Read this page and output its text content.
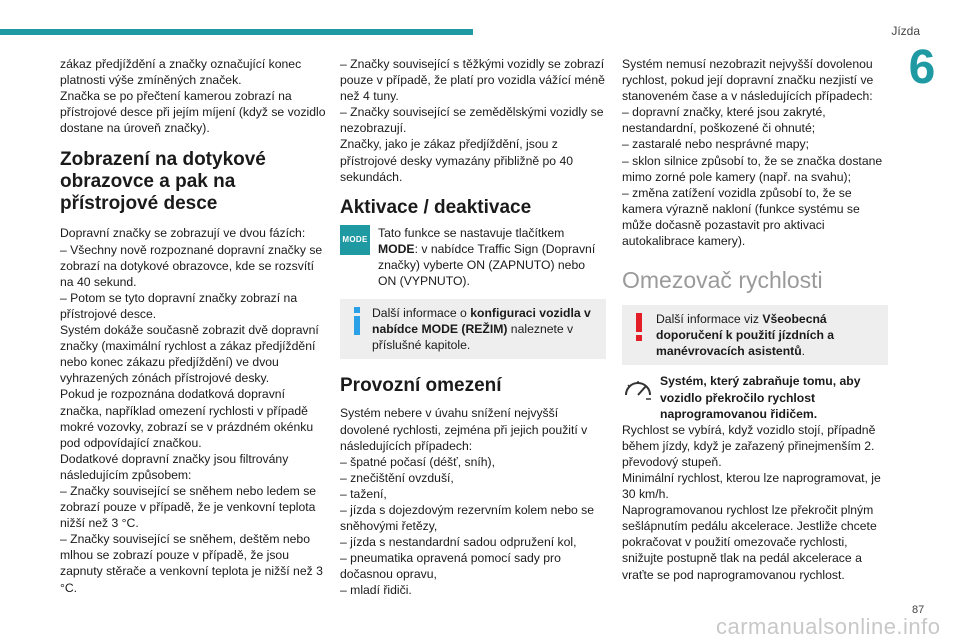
Jízda
6

zákaz předjíždění a značky označující konec platnosti výše zmíněných značek.

Značka se po přečtení kamerou zobrazí na přístrojové desce při jejím míjení (když se vozidlo dostane na úroveň značky).

Zobrazení na dotykové obrazovce a pak na přístrojové desce

Dopravní značky se zobrazují ve dvou fázích:

– Všechny nově rozpoznané dopravní značky se zobrazí na dotykové obrazovce, kde se rozsvítí na 40 sekund.

– Potom se tyto dopravní značky zobrazí na přístrojové desce.

Systém dokáže současně zobrazit dvě dopravní značky (maximální rychlost a zákaz předjíždění nebo konec zákazu předjíždění) ve dvou vyhrazených zónách přístrojové desky.

Pokud je rozpoznána dodatková dopravní značka, například omezení rychlosti v případě mokré vozovky, zobrazí se v prázdném okénku pod odpovídající značkou.

Dodatkové dopravní značky jsou filtrovány následujícím způsobem:

– Značky související se sněhem nebo ledem se zobrazí pouze v případě, že je venkovní teplota nižší než 3 °C.

– Značky související se sněhem, deštěm nebo mlhou se zobrazí pouze v případě, že jsou zapnuty stěrače a venkovní teplota je nižší než 3 °C.

– Značky související s těžkými vozidly se zobrazí pouze v případě, že platí pro vozidla vážící méně než 4 tuny.

– Značky související se zemědělskými vozidly se nezobrazují.

Značky, jako je zákaz předjíždění, jsou z přístrojové desky vymazány přibližně po 40 sekundách.

Aktivace / deaktivace
MODE Tato funkce se nastavuje tlačítkem MODE: v nabídce Traffic Sign (Dopravní značky) vyberte ON (ZAPNUTO) nebo ON (VYPNUTO).

Další informace o konfiguraci vozidla v nabídce MODE (REŽIM) naleznete v příslušné kapitole.

Provozní omezení

Systém nebere v úvahu snížení nejvyšší dovolené rychlosti, zejména při jejich použití v následujících případech:

– špatné počasí (déšť, sníh),

– znečištění ovzduší,

– tažení,

– jízda s dojezdovým rezervním kolem nebo se sněhovými řetězy,

– jízda s nestandardní sadou odpružení kol,

– pneumatika opravená pomocí sady pro dočasnou opravu,

– mladí řidiči.

Systém nemusí nezobrazit nejvyšší dovolenou rychlost, pokud její dopravní značku nezjistí ve stanoveném čase a v následujících případech:

– dopravní značky, které jsou zakryté, nestandardní, poškozené či ohnuté;

– zastaralé nebo nesprávné mapy;

– sklon silnice způsobí to, že se značka dostane mimo zorné pole kamery (např. na svahu);

– změna zatížení vozidla způsobí to, že se kamera výrazně nakloní (funkce systému se může dočasně pozastavit pro aktivaci autokalibrace kamery).

Omezovač rychlosti

Další informace viz Všeobecná doporučení k použití jízdních a manévrovacích asistentů.

Systém, který zabraňuje tomu, aby vozidlo překročilo rychlost naprogramovanou řidičem.

Rychlost se vybírá, když vozidlo stojí, případně během jízdy, když je zařazený přinejmenším 2. převodový stupeň.

Minimální rychlost, kterou lze naprogramovat, je 30 km/h.

Naprogramovanou rychlost lze překročit plným sešlápnutím pedálu akcelerace. Jestliže chcete pokračovat v použití omezovače rychlosti, snižujte postupně tlak na pedál akcelerace a vraťte se pod naprogramovanou rychlost.

carmanualsonline.info
87
